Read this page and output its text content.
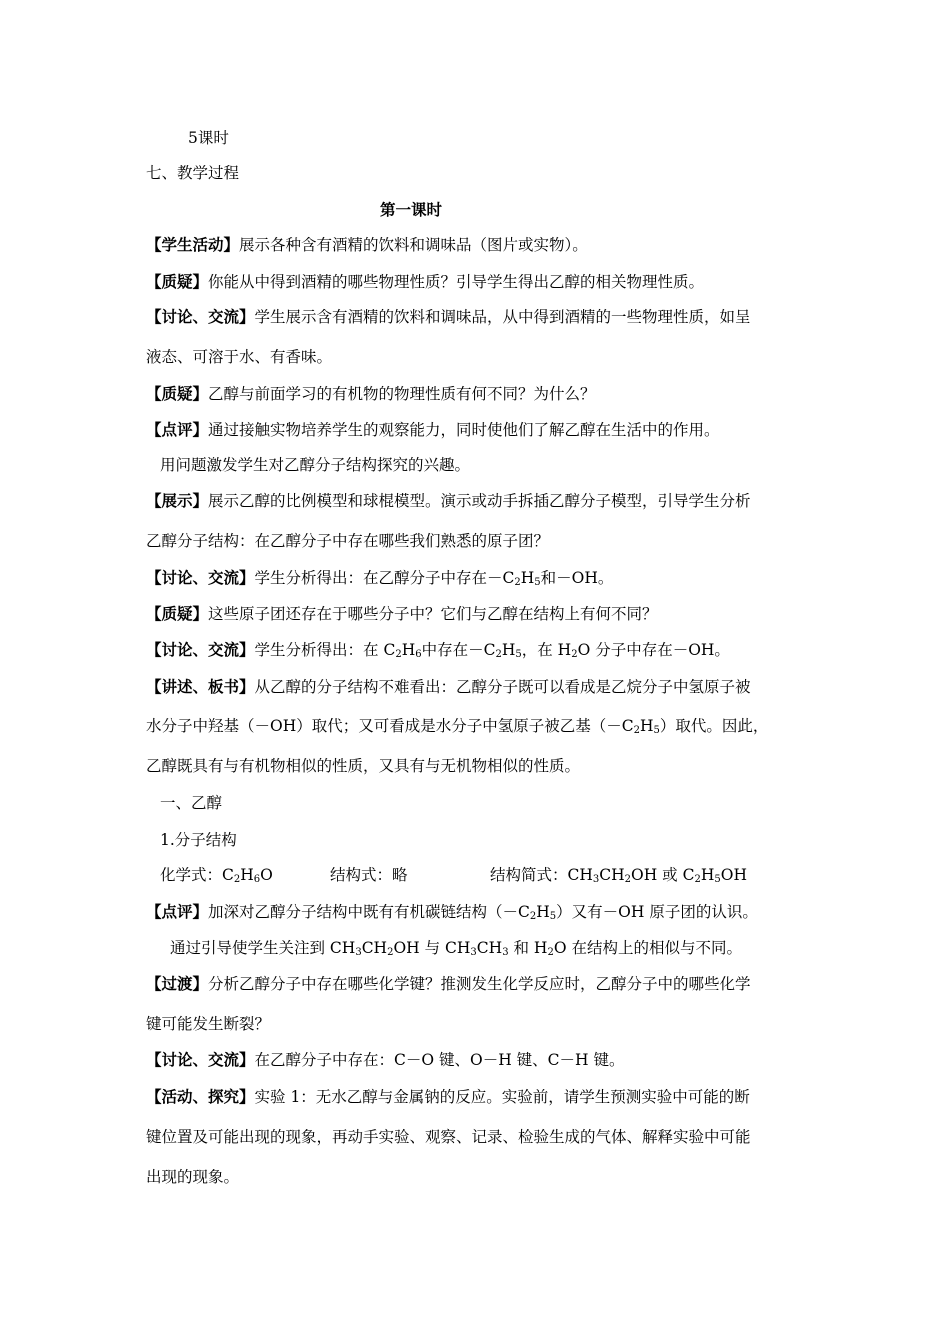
5课时
七、教学过程
第一课时
【学生活动】展示各种含有酒精的饮料和调味品（图片或实物）。
【质疑】你能从中得到酒精的哪些物理性质？引导学生得出乙醇的相关物理性质。
【讨论、交流】学生展示含有酒精的饮料和调味品，从中得到酒精的一些物理性质，如呈
液态、可溶于水、有香味。
【质疑】乙醇与前面学习的有机物的物理性质有何不同？为什么？
【点评】通过接触实物培养学生的观察能力，同时使他们了解乙醇在生活中的作用。
用问题激发学生对乙醇分子结构探究的兴趣。
【展示】展示乙醇的比例模型和球棍模型。演示或动手拆插乙醇分子模型，引导学生分析
乙醇分子结构：在乙醇分子中存在哪些我们熟悉的原子团？
【讨论、交流】学生分析得出：在乙醇分子中存在$-C_2H_5$和－OH。
【质疑】这些原子团还存在于哪些分子中？它们与乙醇在结构上有何不同？
【讨论、交流】学生分析得出：在 $C_2H_6$中存在$-C_2H_5$，在 $H_2O$ 分子中存在－OH。
【讲述、板书】从乙醇的分子结构不难看出：乙醇分子既可以看成是乙烷分子中氢原子被
水分子中羟基（－OH）取代；又可看成是水分子中氢原子被乙基$(-C_2H_5)$取代。因此，
乙醇既具有与有机物相似的性质，又具有与无机物相似的性质。
一、乙醇
1.分子结构
化学式：$C_2H_6O$	结构式：略	结构简式：$CH_3CH_2OH$ 或 $C_2H_5OH$
【点评】加深对乙醇分子结构中既有有机碳链结构$(-C_2H_5)$又有－OH 原子团的认识。
通过引导使学生关注到 $CH_3CH_2OH$ 与 $CH_3CH_3$ 和 $H_2O$ 在结构上的相似与不同。
【过渡】分析乙醇分子中存在哪些化学键？推测发生化学反应时，乙醇分子中的哪些化学
键可能发生断裂？
【讨论、交流】在乙醇分子中存在：C－O 键、O－H 键、C－H 键。
【活动、探究】实验 1：无水乙醇与金属钠的反应。实验前，请学生预测实验中可能的断
键位置及可能出现的现象，再动手实验、观察、记录、检验生成的气体、解释实验中可能
出现的现象。
